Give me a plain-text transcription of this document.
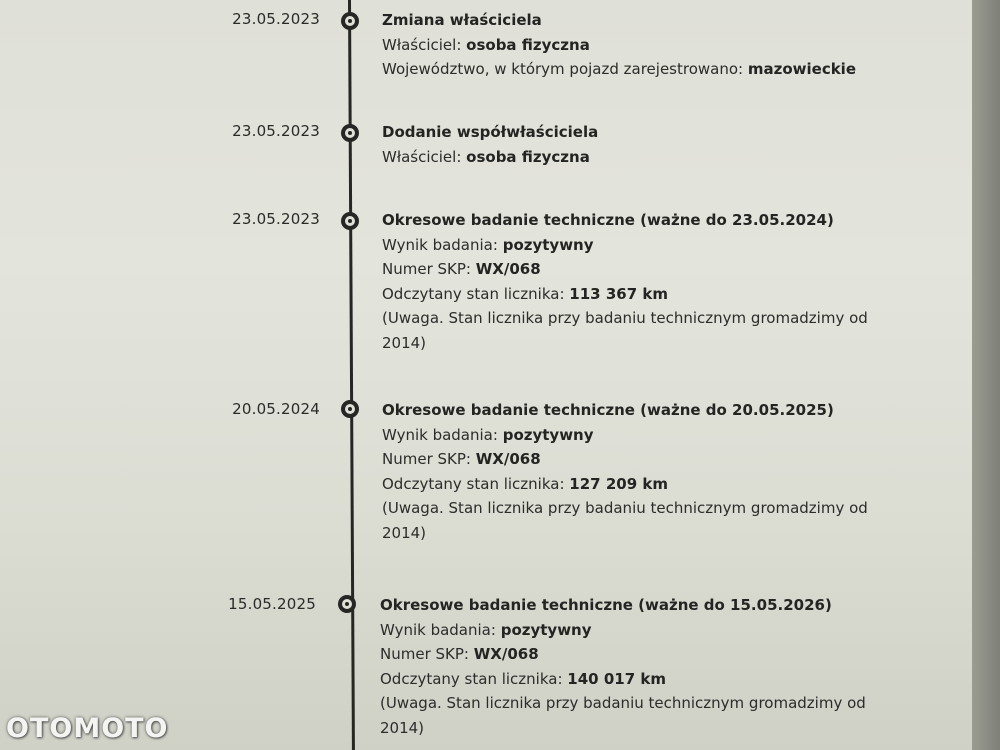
23.05.2023	Zmiana właściciela
Właściciel: osoba fizyczna
Województwo, w którym pojazd zarejestrowano: mazowieckie
23.05.2023	Dodanie współwłaściciela
Właściciel: osoba fizyczna
23.05.2023	Okresowe badanie techniczne (ważne do 23.05.2024)
Wynik badania: pozytywny
Numer SKP: WX/068
Odczytany stan licznika: 113 367 km
(Uwaga. Stan licznika przy badaniu technicznym gromadzimy od
2014)
20.05.2024	Okresowe badanie techniczne (ważne do 20.05.2025)
Wynik badania: pozytywny
Numer SKP: WX/068
Odczytany stan licznika: 127 209 km
(Uwaga. Stan licznika przy badaniu technicznym gromadzimy od
2014)
15.05.2025	Okresowe badanie techniczne (ważne do 15.05.2026)
Wynik badania: pozytywny
Numer SKP: WX/068
Odczytany stan licznika: 140 017 km
(Uwaga. Stan licznika przy badaniu technicznym gromadzimy od
2014)
OTOMOTO
